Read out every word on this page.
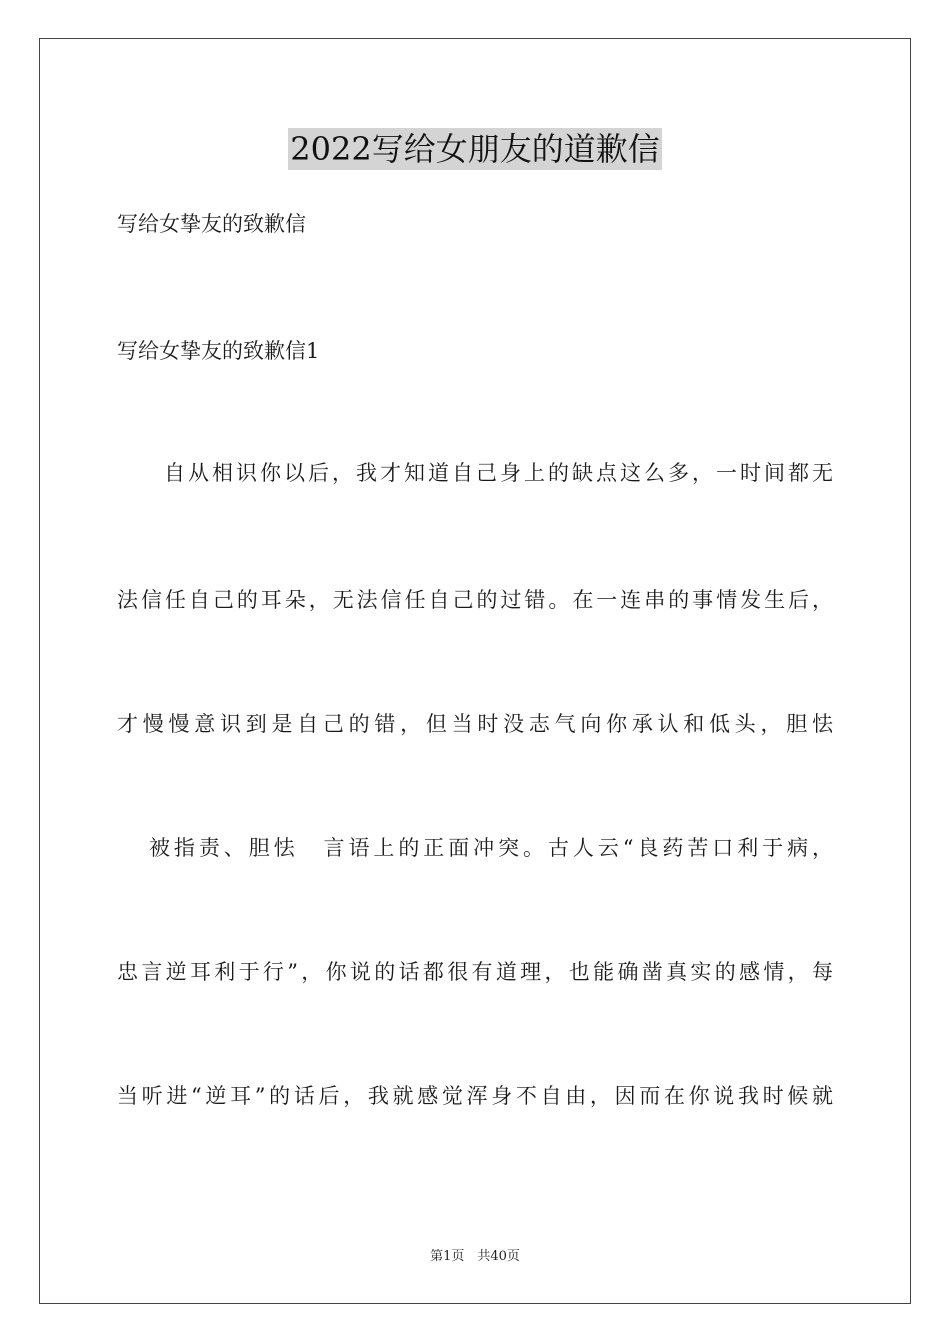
2022写给女朋友的道歉信
写给女挚友的致歉信
写给女挚友的致歉信1
自从相识你以后，我才知道自己身上的缺点这么多，一时间都无
法信任自己的耳朵，无法信任自己的过错。在一连串的事情发生后，
才慢慢意识到是自己的错，但当时没志气向你承认和低头，胆怯
被指责、胆怯　言语上的正面冲突。古人云“良药苦口利于病，
忠言逆耳利于行”，你说的话都很有道理，也能确凿真实的感情，每
当听进“逆耳”的话后，我就感觉浑身不自由，因而在你说我时候就
第1页　共40页
